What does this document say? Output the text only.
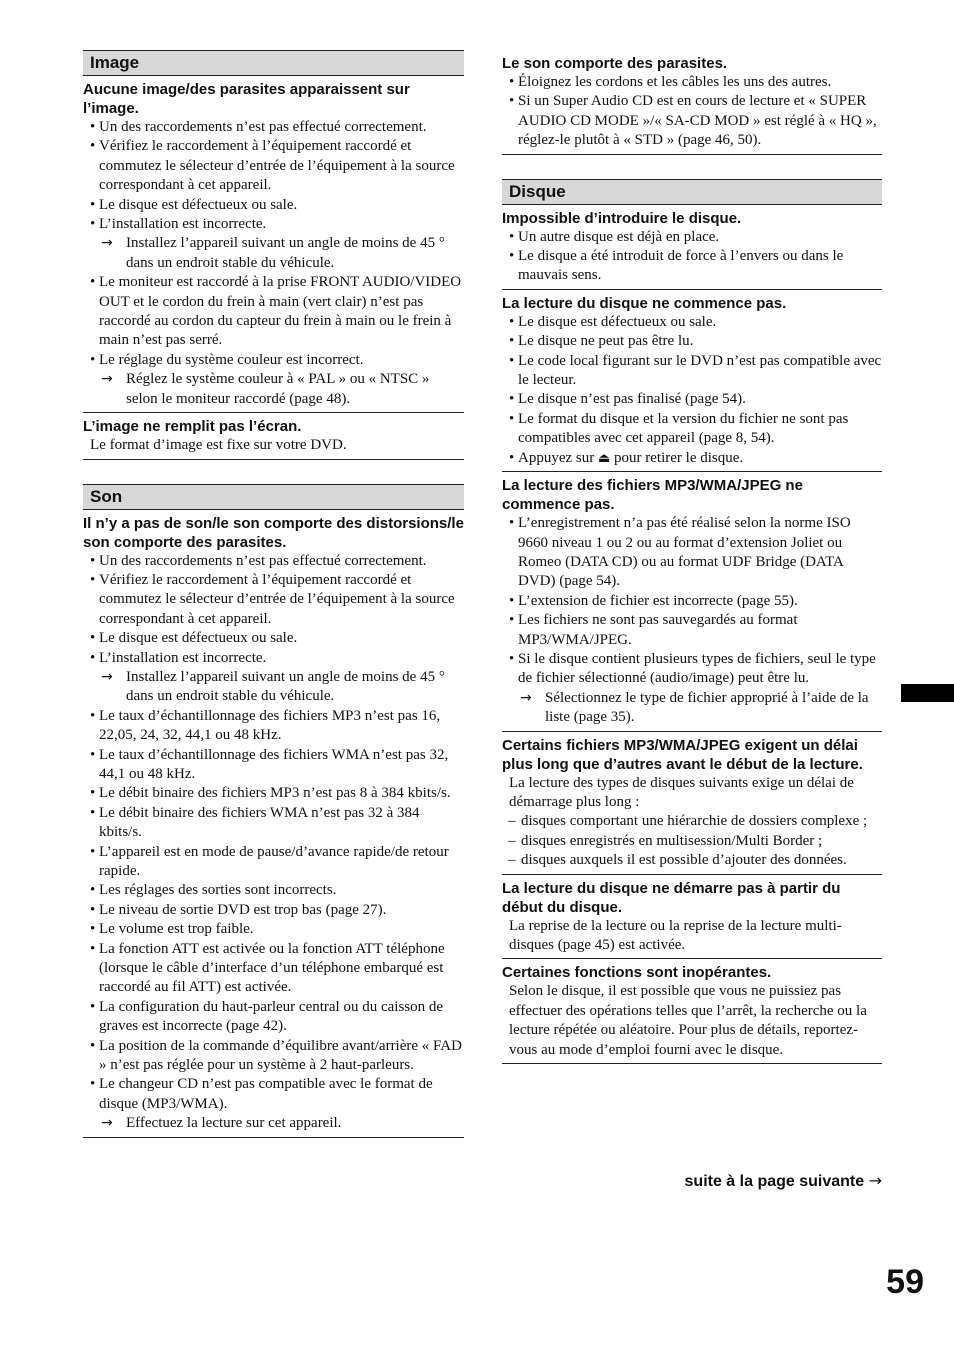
Image
Aucune image/des parasites apparaissent sur l’image.
• Un des raccordements n’est pas effectué correctement.
• Vérifiez le raccordement à l’équipement raccordé et commutez le sélecteur d’entrée de l’équipement à la source correspondant à cet appareil.
• Le disque est défectueux ou sale.
• L’installation est incorrecte.
→ Installez l’appareil suivant un angle de moins de 45 ° dans un endroit stable du véhicule.
• Le moniteur est raccordé à la prise FRONT AUDIO/VIDEO OUT et le cordon du frein à main (vert clair) n’est pas raccordé au cordon du capteur du frein à main ou le frein à main n’est pas serré.
• Le réglage du système couleur est incorrect.
→ Réglez le système couleur à « PAL » ou « NTSC » selon le moniteur raccordé (page 48).
L’image ne remplit pas l’écran.

Le format d’image est fixe sur votre DVD.

Son
Il n’y a pas de son/le son comporte des distorsions/le son comporte des parasites.
• Un des raccordements n’est pas effectué correctement.
• Vérifiez le raccordement à l’équipement raccordé et commutez le sélecteur d’entrée de l’équipement à la source correspondant à cet appareil.
• Le disque est défectueux ou sale.
• L’installation est incorrecte.
→ Installez l’appareil suivant un angle de moins de 45 ° dans un endroit stable du véhicule.
• Le taux d’échantillonnage des fichiers MP3 n’est pas 16, 22,05, 24, 32, 44,1 ou 48 kHz.
• Le taux d’échantillonnage des fichiers WMA n’est pas 32, 44,1 ou 48 kHz.
• Le débit binaire des fichiers MP3 n’est pas 8 à 384 kbits/s.
• Le débit binaire des fichiers WMA n’est pas 32 à 384 kbits/s.
• L’appareil est en mode de pause/d’avance rapide/de retour rapide.
• Les réglages des sorties sont incorrects.
• Le niveau de sortie DVD est trop bas (page 27).
• Le volume est trop faible.
• La fonction ATT est activée ou la fonction ATT téléphone (lorsque le câble d’interface d’un téléphone embarqué est raccordé au fil ATT) est activée.
• La configuration du haut-parleur central ou du caisson de graves est incorrecte (page 42).
• La position de la commande d’équilibre avant/arrière « FAD » n’est pas réglée pour un système à 2 haut-parleurs.
• Le changeur CD n’est pas compatible avec le format de disque (MP3/WMA).
→ Effectuez la lecture sur cet appareil.
Le son comporte des parasites.
• Éloignez les cordons et les câbles les uns des autres.
• Si un Super Audio CD est en cours de lecture et « SUPER AUDIO CD MODE »/« SA-CD MOD » est réglé à « HQ », réglez-le plutôt à « STD » (page 46, 50).
Disque
Impossible d’introduire le disque.
• Un autre disque est déjà en place.
• Le disque a été introduit de force à l’envers ou dans le mauvais sens.
La lecture du disque ne commence pas.
• Le disque est défectueux ou sale.
• Le disque ne peut pas être lu.
• Le code local figurant sur le DVD n’est pas compatible avec le lecteur.
• Le disque n’est pas finalisé (page 54).
• Le format du disque et la version du fichier ne sont pas compatibles avec cet appareil (page 8, 54).
• Appuyez sur ⏏ pour retirer le disque.
La lecture des fichiers MP3/WMA/JPEG ne commence pas.
• L’enregistrement n’a pas été réalisé selon la norme ISO 9660 niveau 1 ou 2 ou au format d’extension Joliet ou Romeo (DATA CD) ou au format UDF Bridge (DATA DVD) (page 54).
• L’extension de fichier est incorrecte (page 55).
• Les fichiers ne sont pas sauvegardés au format MP3/WMA/JPEG.
• Si le disque contient plusieurs types de fichiers, seul le type de fichier sélectionné (audio/image) peut être lu.
→ Sélectionnez le type de fichier approprié à l’aide de la liste (page 35).
Certains fichiers MP3/WMA/JPEG exigent un délai plus long que d’autres avant le début de la lecture.

La lecture des types de disques suivants exige un délai de démarrage plus long :

– disques comportant une hiérarchie de dossiers complexe ;
– disques enregistrés en multisession/Multi Border ;
– disques auxquels il est possible d’ajouter des données.
La lecture du disque ne démarre pas à partir du début du disque.

La reprise de la lecture ou la reprise de la lecture multi-disques (page 45) est activée.

Certaines fonctions sont inopérantes.

Selon le disque, il est possible que vous ne puissiez pas effectuer des opérations telles que l’arrêt, la recherche ou la lecture répétée ou aléatoire. Pour plus de détails, reportez-vous au mode d’emploi fourni avec le disque.

suite à la page suivante →
59
